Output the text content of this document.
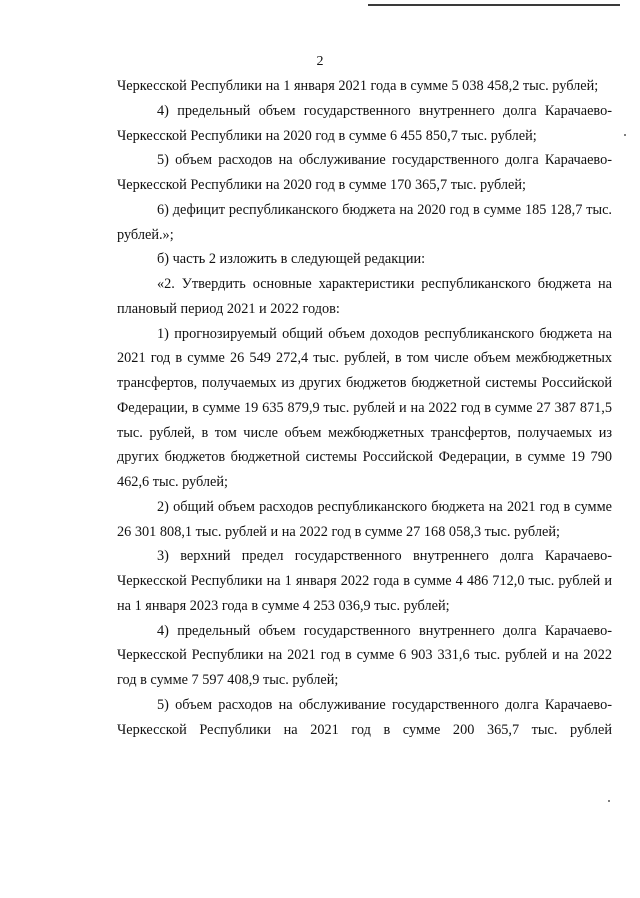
2

Черкесской Республики на 1 января 2021 года в сумме 5 038 458,2 тыс. рублей;

4) предельный объем государственного внутреннего долга Карачаево-Черкесской Республики на 2020 год в сумме 6 455 850,7 тыс. рублей;

5) объем расходов на обслуживание государственного долга Карачаево-Черкесской Республики на 2020 год в сумме 170 365,7 тыс. рублей;

6) дефицит республиканского бюджета на 2020 год в сумме 185 128,7 тыс. рублей.»;

б) часть 2 изложить в следующей редакции:

«2. Утвердить основные характеристики республиканского бюджета на плановый период 2021 и 2022 годов:

1) прогнозируемый общий объем доходов республиканского бюджета на 2021 год в сумме 26 549 272,4 тыс. рублей, в том числе объем межбюджетных трансфертов, получаемых из других бюджетов бюджетной системы Российской Федерации, в сумме 19 635 879,9 тыс. рублей и на 2022 год в сумме 27 387 871,5 тыс. рублей, в том числе объем межбюджетных трансфертов, получаемых из других бюджетов бюджетной системы Российской Федерации, в сумме 19 790 462,6 тыс. рублей;

2) общий объем расходов республиканского бюджета на 2021 год в сумме 26 301 808,1 тыс. рублей и на 2022 год в сумме 27 168 058,3 тыс. рублей;

3) верхний предел государственного внутреннего долга Карачаево-Черкесской Республики на 1 января 2022 года в сумме 4 486 712,0 тыс. рублей и на 1 января 2023 года в сумме 4 253 036,9 тыс. рублей;

4) предельный объем государственного внутреннего долга Карачаево-Черкесской Республики на 2021 год в сумме 6 903 331,6 тыс. рублей и на 2022 год в сумме 7 597 408,9 тыс. рублей;

5) объем расходов на обслуживание государственного долга Карачаево-Черкесской Республики на 2021 год в сумме 200 365,7 тыс. рублей
